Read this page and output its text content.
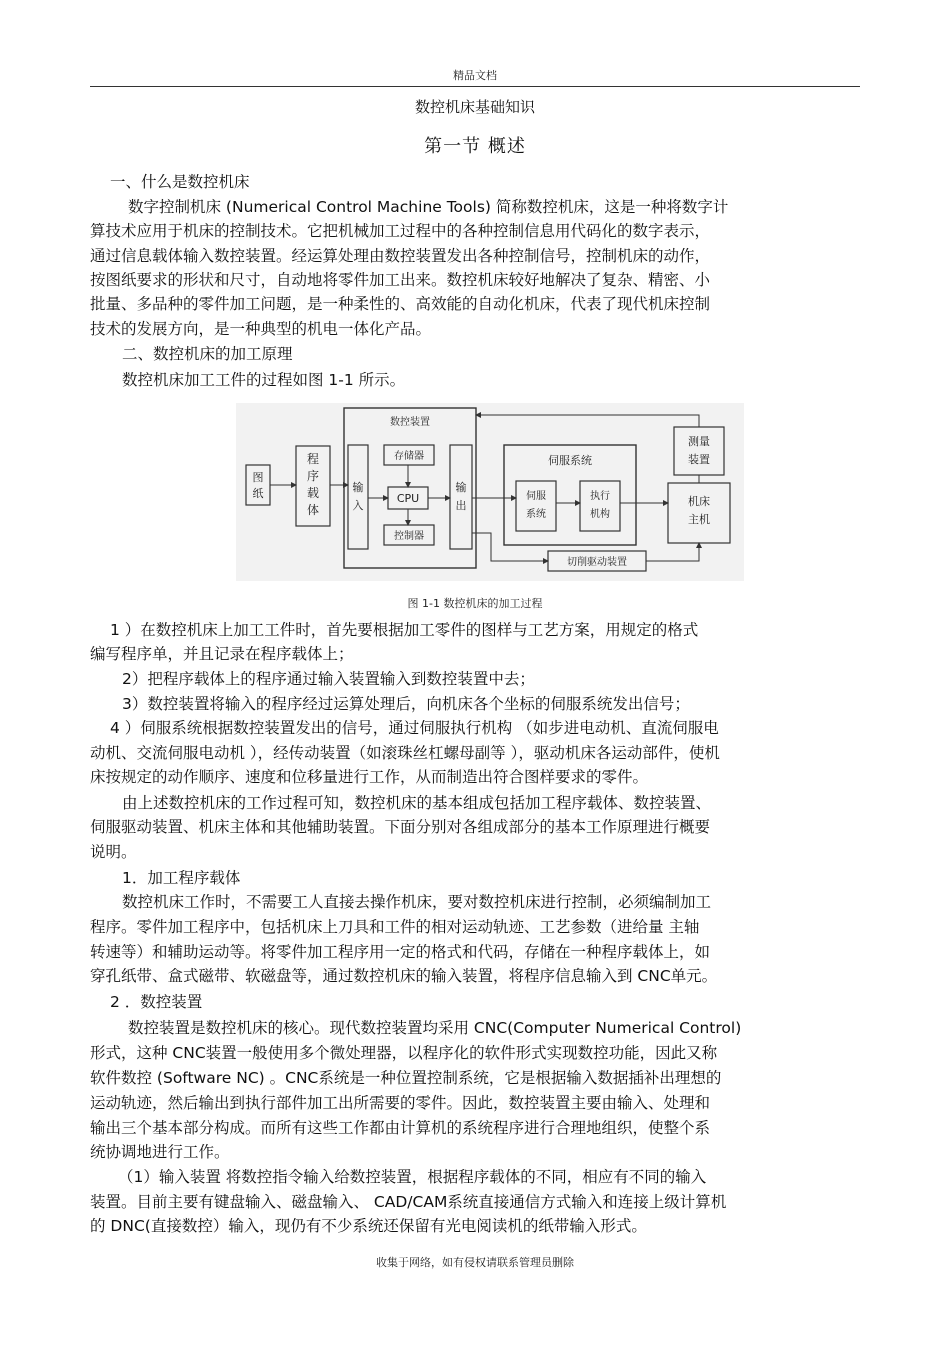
精品文档
数控机床基础知识
第一节 概述
一、什么是数控机床
数字控制机床 (Numerical Control Machine Tools) 简称数控机床，这是一种将数字计
算技术应用于机床的控制技术。它把机械加工过程中的各种控制信息用代码化的数字表示，
通过信息载体输入数控装置。经运算处理由数控装置发出各种控制信号，控制机床的动作，
按图纸要求的形状和尺寸，自动地将零件加工出来。数控机床较好地解决了复杂、精密、小
批量、多品种的零件加工问题，是一种柔性的、高效能的自动化机床，代表了现代机床控制
技术的发展方向，是一种典型的机电一体化产品。
二、数控机床的加工原理
数控机床加工工件的过程如图 1-1 所示。
1 ）在数控机床上加工工件时，首先要根据加工零件的图样与工艺方案，用规定的格式
编写程序单，并且记录在程序载体上；
2）把程序载体上的程序通过输入装置输入到数控装置中去；
3）数控装置将输入的程序经过运算处理后，向机床各个坐标的伺服系统发出信号；
4 ）伺服系统根据数控装置发出的信号，通过伺服执行机构 （如步进电动机、直流伺服电
动机、交流伺服电动机 ），经传动装置（如滚珠丝杠螺母副等 ），驱动机床各运动部件，使机
床按规定的动作顺序、速度和位移量进行工作，从而制造出符合图样要求的零件。
由上述数控机床的工作过程可知，数控机床的基本组成包括加工程序载体、数控装置、
伺服驱动装置、机床主体和其他辅助装置。下面分别对各组成部分的基本工作原理进行概要
说明。
1．加工程序载体
数控机床工作时，不需要工人直接去操作机床，要对数控机床进行控制，必须编制加工
程序。零件加工程序中，包括机床上刀具和工件的相对运动轨迹、工艺参数（进给量 主轴
转速等）和辅助运动等。将零件加工程序用一定的格式和代码，存储在一种程序载体上，如
穿孔纸带、盒式磁带、软磁盘等，通过数控机床的输入装置，将程序信息输入到 CNC单元。
2 ．数控装置
数控装置是数控机床的核心。现代数控装置均采用 CNC(Computer Numerical Control)
形式，这种 CNC装置一般使用多个微处理器，以程序化的软件形式实现数控功能，因此又称
软件数控 (Software NC) 。CNC系统是一种位置控制系统，它是根据输入数据插补出理想的
运动轨迹，然后输出到执行部件加工出所需要的零件。因此，数控装置主要由输入、处理和
输出三个基本部分构成。而所有这些工作都由计算机的系统程序进行合理地组织，使整个系
统协调地进行工作。
（1）输入装置 将数控指令输入给数控装置，根据程序载体的不同，相应有不同的输入
装置。目前主要有键盘输入、磁盘输入、 CAD/CAM系统直接通信方式输入和连接上级计算机
的 DNC(直接数控）输入，现仍有不少系统还保留有光电阅读机的纸带输入形式。
图纸
程序载体
数控装置
输入
存储器
CPU
控制器
输出
伺服系统
伺服系统
执行机构
测量装置
机床主机
切削驱动装置
图 1-1 数控机床的加工过程
收集于网络，如有侵权请联系管理员删除
